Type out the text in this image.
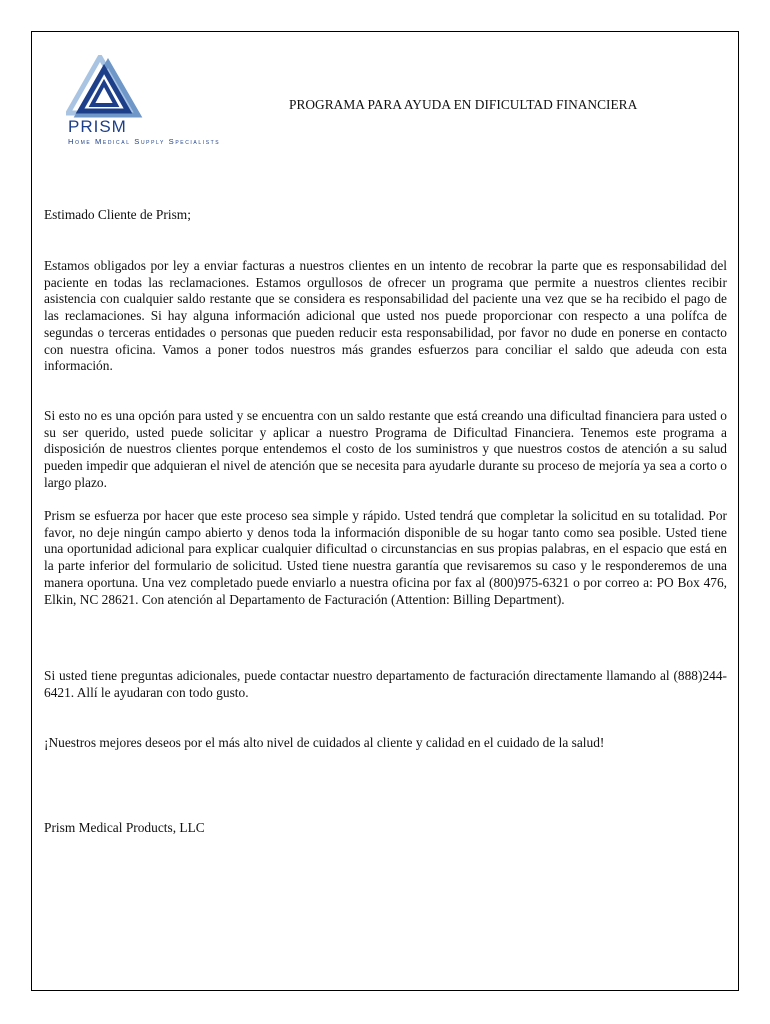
PRISM
Home Medical Supply Specialists
PROGRAMA PARA AYUDA EN DIFICULTAD FINANCIERA

Estimado Cliente de Prism;

Estamos obligados por ley a enviar facturas a nuestros clientes en un intento de recobrar la parte que es responsabilidad del paciente en todas las reclamaciones. Estamos orgullosos de ofrecer un programa que permite a nuestros clientes recibir asistencia con cualquier saldo restante que se considera es responsabilidad del paciente una vez que se ha recibido el pago de las reclamaciones. Si hay alguna información adicional que usted nos puede proporcionar con respecto a una polífca de segundas o terceras entidades o personas que pueden reducir esta responsabilidad, por favor no dude en ponerse en contacto con nuestra oficina. Vamos a poner todos nuestros más grandes esfuerzos para conciliar el saldo que adeuda con esta información.

Si esto no es una opción para usted y se encuentra con un saldo restante que está creando una dificultad financiera para usted o su ser querido, usted puede solicitar y aplicar a nuestro Programa de Dificultad Financiera. Tenemos este programa a disposición de nuestros clientes porque entendemos el costo de los suministros y que nuestros costos de atención a su salud pueden impedir que adquieran el nivel de atención que se necesita para ayudarle durante su proceso de mejoría ya sea a corto o largo plazo.

Prism se esfuerza por hacer que este proceso sea simple y rápido. Usted tendrá que completar la solicitud en su totalidad. Por favor, no deje ningún campo abierto y denos toda la información disponible de su hogar tanto como sea posible. Usted tiene una oportunidad adicional para explicar cualquier dificultad o circunstancias en sus propias palabras, en el espacio que está en la parte inferior del formulario de solicitud. Usted tiene nuestra garantía que revisaremos su caso y le responderemos de una manera oportuna. Una vez completado puede enviarlo a nuestra oficina por fax al (800)975-6321 o por correo a: PO Box 476, Elkin, NC 28621. Con atención al Departamento de Facturación (Attention: Billing Department).

Si usted tiene preguntas adicionales, puede contactar nuestro departamento de facturación directamente llamando al (888)244-6421. Allí le ayudaran con todo gusto.

¡Nuestros mejores deseos por el más alto nivel de cuidados al cliente y calidad en el cuidado de la salud!

Prism Medical Products, LLC
